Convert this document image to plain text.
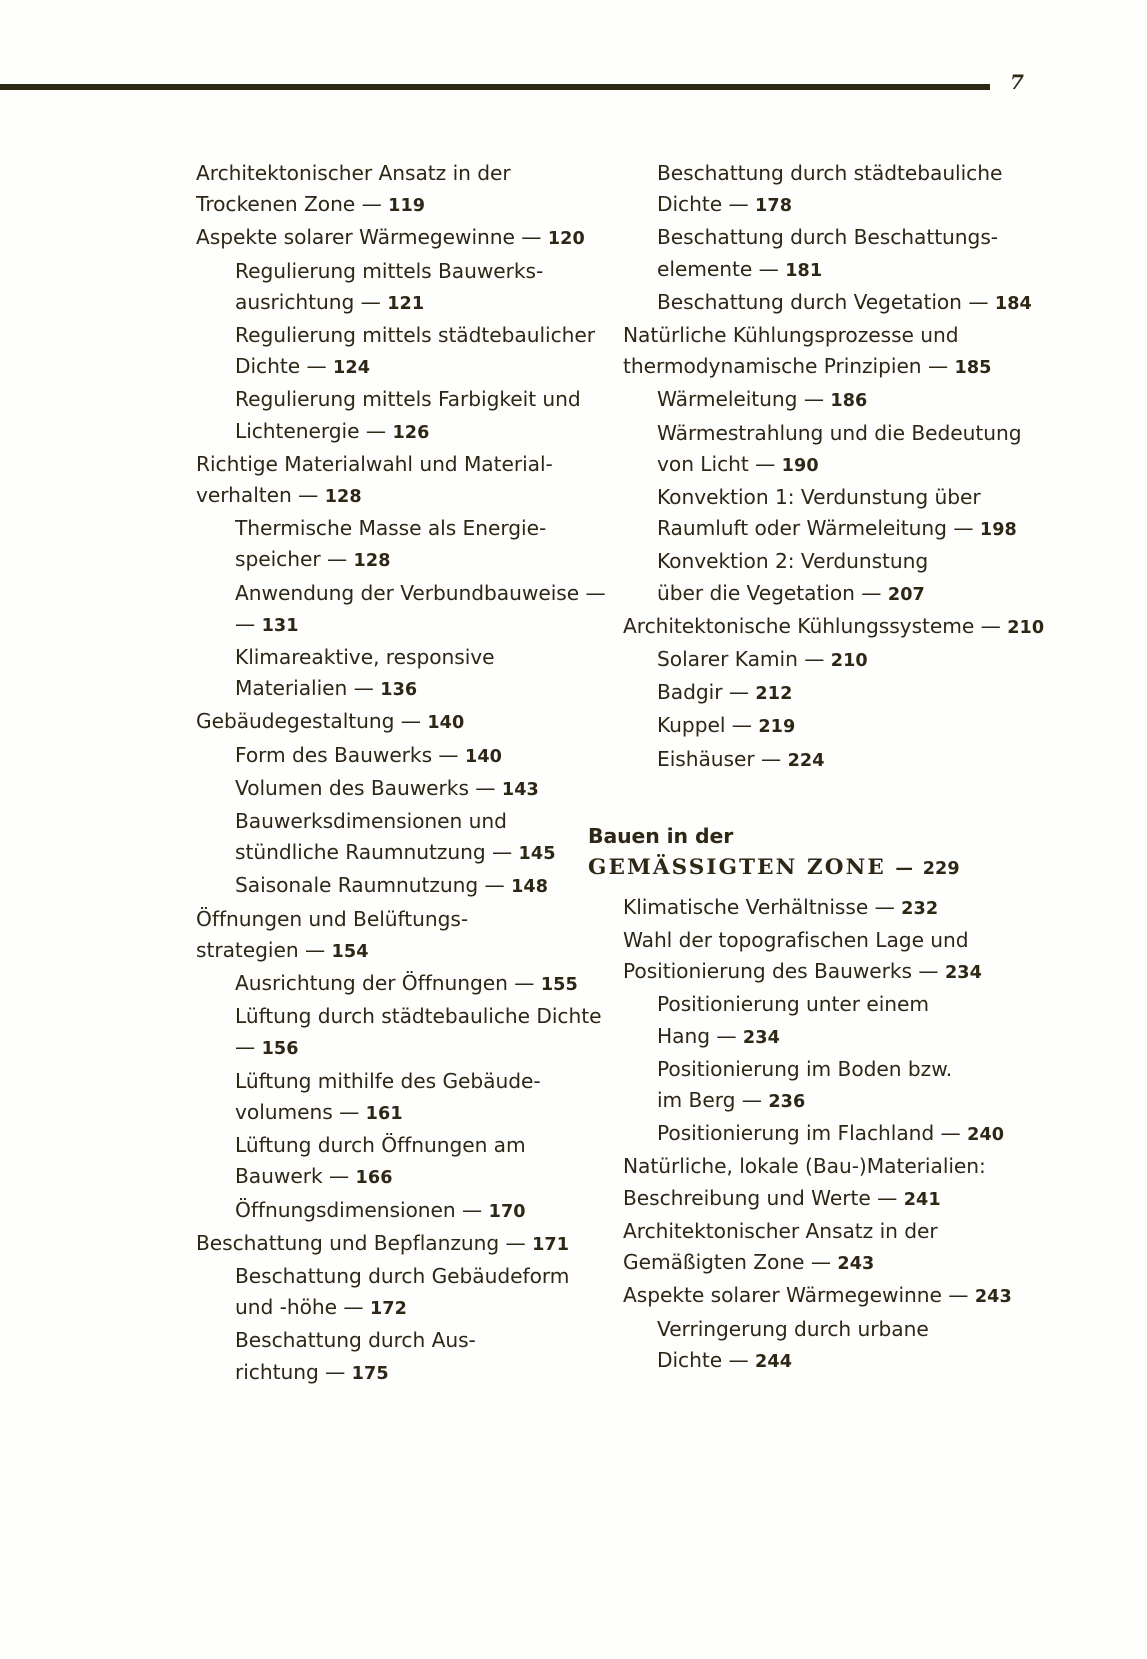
7
Architektonischer Ansatz in der
Trockenen Zone — 119
Aspekte solarer Wärmegewinne — 120
Regulierung mittels Bauwerks-
ausrichtung — 121
Regulierung mittels städtebaulicher
Dichte — 124
Regulierung mittels Farbigkeit und
Lichtenergie — 126
Richtige Materialwahl und Material-
verhalten — 128
Thermische Masse als Energie-
speicher — 128
Anwendung der Verbundbauweise —
— 131
Klimareaktive, responsive
Materialien — 136
Gebäudegestaltung — 140
Form des Bauwerks — 140
Volumen des Bauwerks — 143
Bauwerksdimensionen und
stündliche Raumnutzung — 145
Saisonale Raumnutzung — 148
Öffnungen und Belüftungs-
strategien — 154
Ausrichtung der Öffnungen — 155
Lüftung durch städtebauliche Dichte
— 156
Lüftung mithilfe des Gebäude-
volumens — 161
Lüftung durch Öffnungen am
Bauwerk — 166
Öffnungsdimensionen — 170
Beschattung und Bepflanzung — 171
Beschattung durch Gebäudeform
und -höhe — 172
Beschattung durch Aus-
richtung — 175
Beschattung durch städtebauliche
Dichte — 178
Beschattung durch Beschattungs-
elemente — 181
Beschattung durch Vegetation — 184
Natürliche Kühlungsprozesse und
thermodynamische Prinzipien — 185
Wärmeleitung — 186
Wärmestrahlung und die Bedeutung
von Licht — 190
Konvektion 1: Verdunstung über
Raumluft oder Wärmeleitung — 198
Konvektion 2: Verdunstung
über die Vegetation — 207
Architektonische Kühlungssysteme — 210
Solarer Kamin — 210
Badgir — 212
Kuppel — 219
Eishäuser — 224
Bauen in der
GEMÄSSIGTEN ZONE — 229
Klimatische Verhältnisse — 232
Wahl der topografischen Lage und
Positionierung des Bauwerks — 234
Positionierung unter einem
Hang — 234
Positionierung im Boden bzw.
im Berg — 236
Positionierung im Flachland — 240
Natürliche, lokale (Bau-)Materialien:
Beschreibung und Werte — 241
Architektonischer Ansatz in der
Gemäßigten Zone — 243
Aspekte solarer Wärmegewinne — 243
Verringerung durch urbane
Dichte — 244
